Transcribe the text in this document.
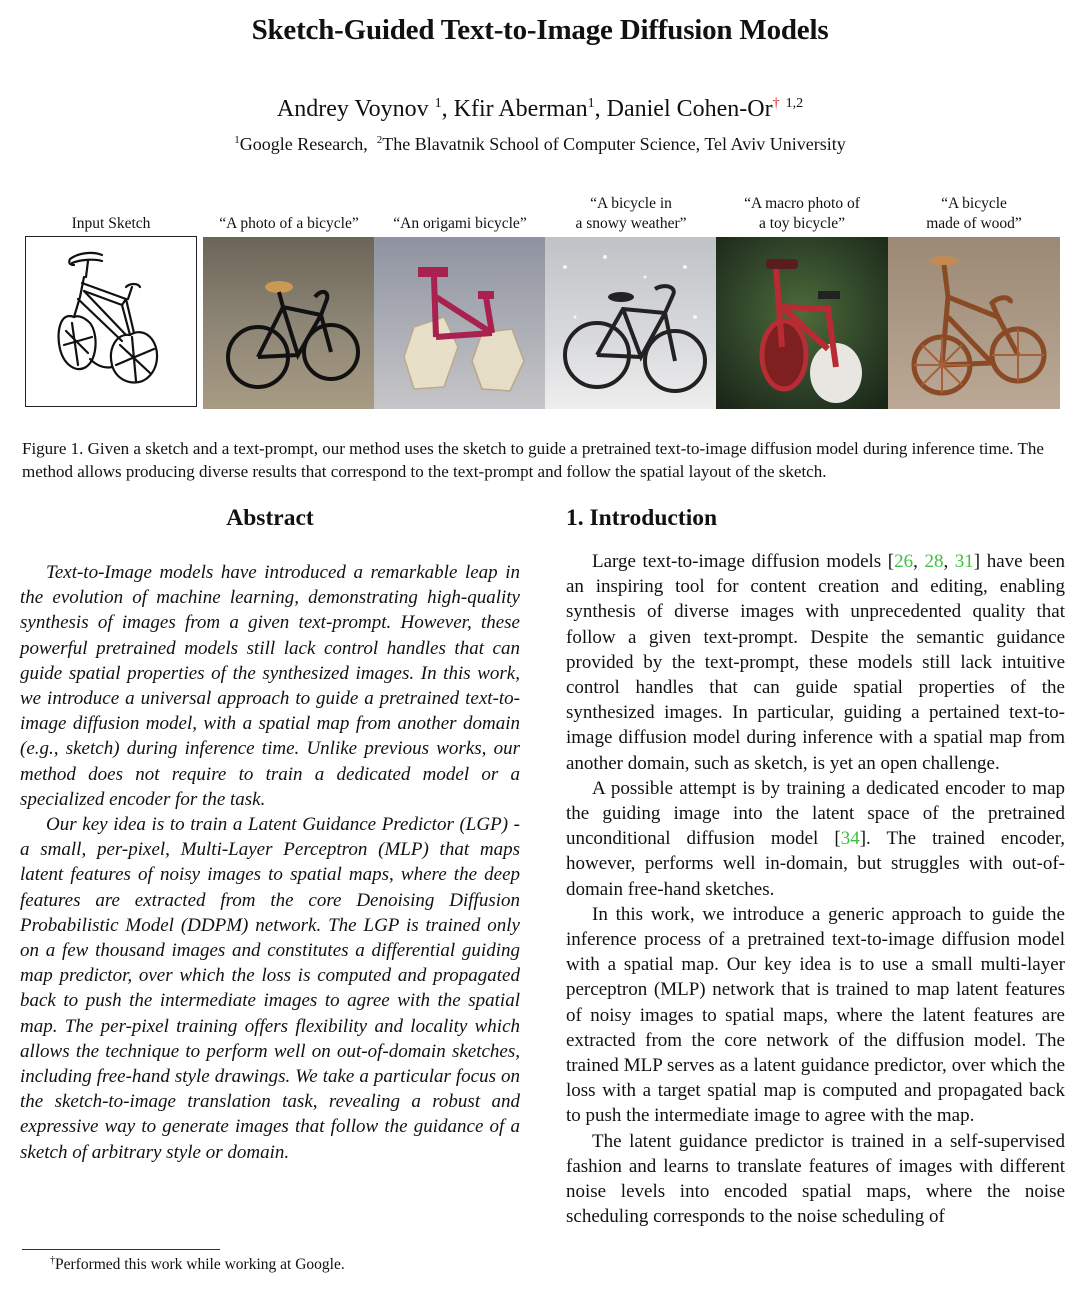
Sketch-Guided Text-to-Image Diffusion Models
Andrey Voynov $^1$, Kfir Aberman$^1$, Daniel Cohen-Or† $^{1,2}$
$^1$Google Research, $^2$The Blavatnik School of Computer Science, Tel Aviv University
Input Sketch	“A photo of a bicycle” “An origami bicycle”
“A bicycle in
a snowy weather”
“A macro photo of
a toy bicycle”
“A bicycle
made of wood”
Figure 1. Given a sketch and a text-prompt, our method uses the sketch to guide a pretrained text-to-image diffusion model during inference time. The method allows producing diverse results that correspond to the text-prompt and follow the spatial layout of the sketch.
Abstract

Text-to-Image models have introduced a remarkable leap in the evolution of machine learning, demonstrating high-quality synthesis of images from a given text-prompt. However, these powerful pretrained models still lack control handles that can guide spatial properties of the synthesized images. In this work, we introduce a universal approach to guide a pretrained text-to-image diffusion model, with a spatial map from another domain (e.g., sketch) during inference time. Unlike previous works, our method does not require to train a dedicated model or a specialized encoder for the task.

Our key idea is to train a Latent Guidance Predictor (LGP) - a small, per-pixel, Multi-Layer Perceptron (MLP) that maps latent features of noisy images to spatial maps, where the deep features are extracted from the core Denoising Diffusion Probabilistic Model (DDPM) network. The LGP is trained only on a few thousand images and constitutes a differential guiding map predictor, over which the loss is computed and propagated back to push the intermediate images to agree with the spatial map. The per-pixel training offers flexibility and locality which allows the technique to perform well on out-of-domain sketches, including free-hand style drawings. We take a particular focus on the sketch-to-image translation task, revealing a robust and expressive way to generate images that follow the guidance of a sketch of arbitrary style or domain.

1. Introduction

Large text-to-image diffusion models [26, 28, 31] have been an inspiring tool for content creation and editing, enabling synthesis of diverse images with unprecedented quality that follow a given text-prompt. Despite the semantic guidance provided by the text-prompt, these models still lack intuitive control handles that can guide spatial properties of the synthesized images. In particular, guiding a pertained text-to-image diffusion model during inference with a spatial map from another domain, such as sketch, is yet an open challenge.

A possible attempt is by training a dedicated encoder to map the guiding image into the latent space of the pretrained unconditional diffusion model [34]. The trained encoder, however, performs well in-domain, but struggles with out-of-domain free-hand sketches.

In this work, we introduce a generic approach to guide the inference process of a pretrained text-to-image diffusion model with a spatial map. Our key idea is to use a small multi-layer perceptron (MLP) network that is trained to map latent features of noisy images to spatial maps, where the latent features are extracted from the core network of the diffusion model. The trained MLP serves as a latent guidance predictor, over which the loss with a target spatial map is computed and propagated back to push the intermediate image to agree with the map.

The latent guidance predictor is trained in a self-supervised fashion and learns to translate features of images with different noise levels into encoded spatial maps, where the noise scheduling corresponds to the noise scheduling of

†Performed this work while working at Google.
